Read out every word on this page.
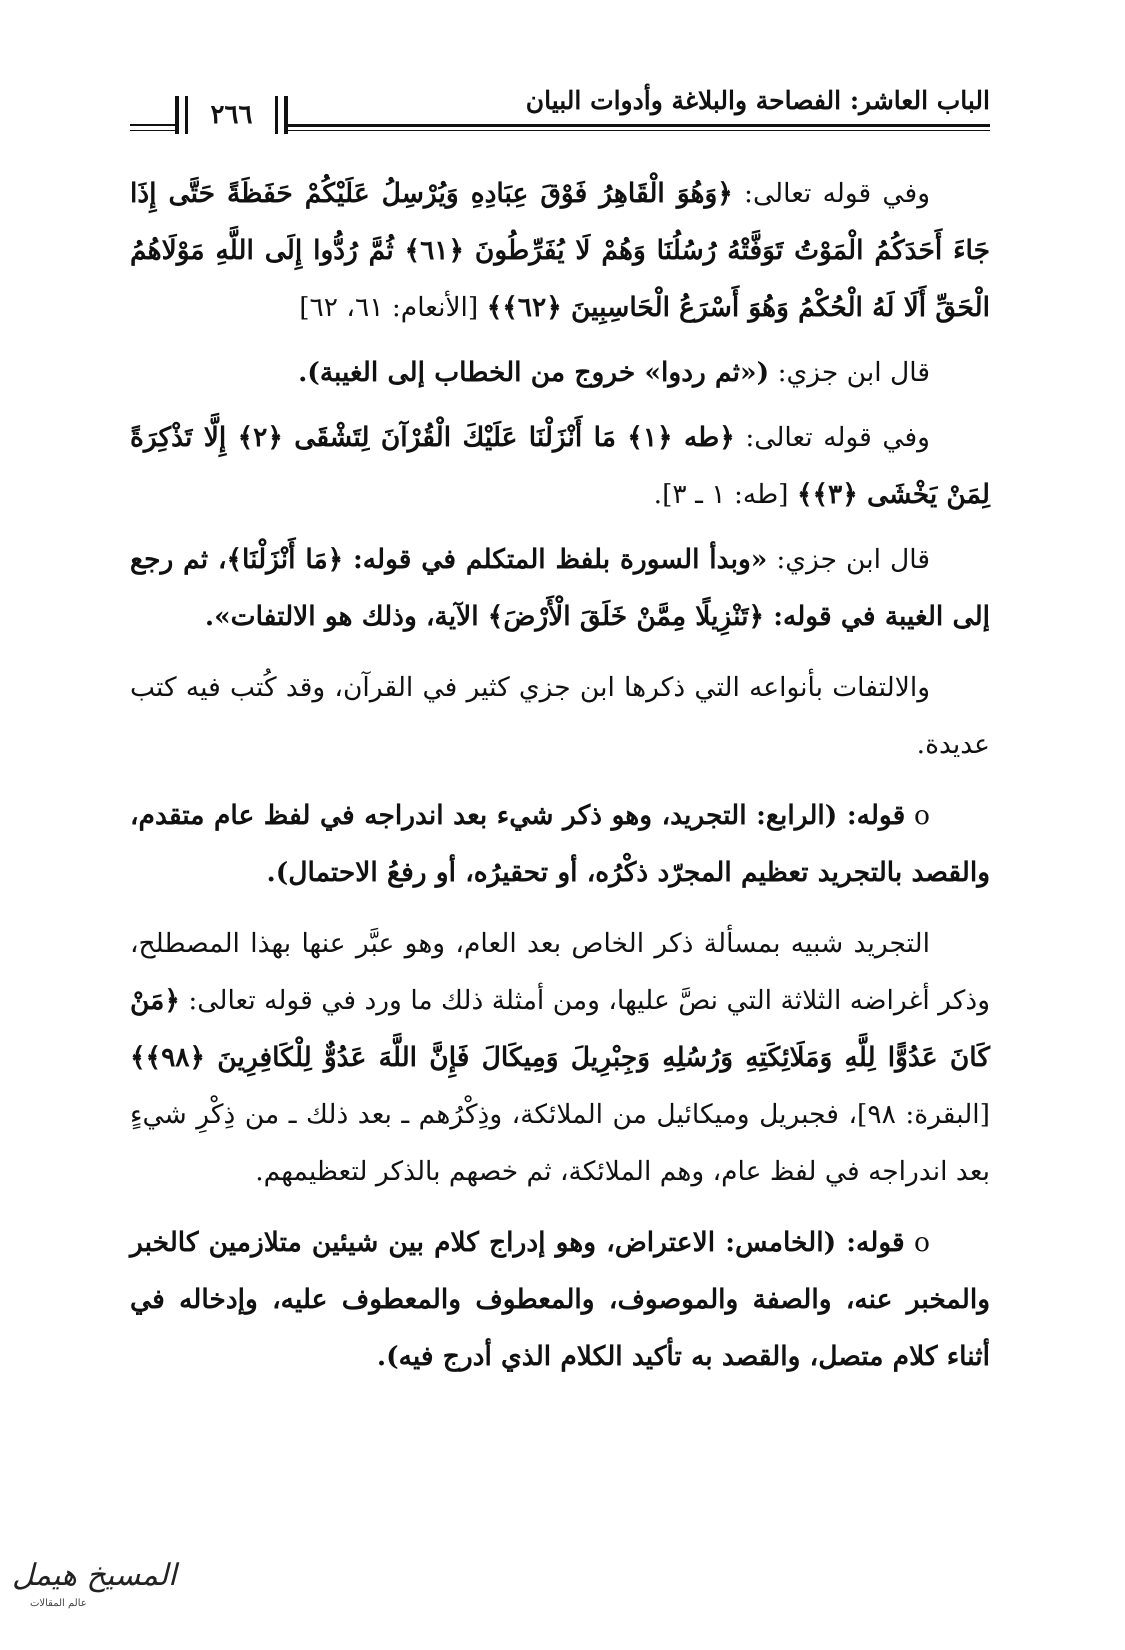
الباب العاشر: الفصاحة والبلاغة وأدوات البيان
٢٦٦

وفي قوله تعالى: ﴿وَهُوَ الْقَاهِرُ فَوْقَ عِبَادِهِ وَيُرْسِلُ عَلَيْكُمْ حَفَظَةً حَتَّى إِذَا جَاءَ أَحَدَكُمُ الْمَوْتُ تَوَفَّتْهُ رُسُلُنَا وَهُمْ لَا يُفَرِّطُونَ ﴿٦١﴾ ثُمَّ رُدُّوا إِلَى اللَّهِ مَوْلَاهُمُ الْحَقِّ أَلَا لَهُ الْحُكْمُ وَهُوَ أَسْرَعُ الْحَاسِبِينَ ﴿٦٢﴾﴾ [الأنعام: ٦١، ٦٢]

قال ابن جزي: («ثم ردوا» خروج من الخطاب إلى الغيبة).

وفي قوله تعالى: ﴿طه ﴿١﴾ مَا أَنْزَلْنَا عَلَيْكَ الْقُرْآنَ لِتَشْقَى ﴿٢﴾ إِلَّا تَذْكِرَةً لِمَنْ يَخْشَى ﴿٣﴾﴾ [طه: ١ ـ ٣].

قال ابن جزي: «وبدأ السورة بلفظ المتكلم في قوله: ﴿مَا أَنْزَلْنَا﴾، ثم رجع إلى الغيبة في قوله: ﴿تَنْزِيلًا مِمَّنْ خَلَقَ الْأَرْضَ﴾ الآية، وذلك هو الالتفات».

والالتفات بأنواعه التي ذكرها ابن جزي كثير في القرآن، وقد كُتب فيه كتب عديدة.

o قوله: (الرابع: التجريد، وهو ذكر شيء بعد اندراجه في لفظ عام متقدم، والقصد بالتجريد تعظيم المجرّد ذكْرُه، أو تحقيرُه، أو رفعُ الاحتمال).

التجريد شبيه بمسألة ذكر الخاص بعد العام، وهو عبَّر عنها بهذا المصطلح، وذكر أغراضه الثلاثة التي نصَّ عليها، ومن أمثلة ذلك ما ورد في قوله تعالى: ﴿مَنْ كَانَ عَدُوًّا لِلَّهِ وَمَلَائِكَتِهِ وَرُسُلِهِ وَجِبْرِيلَ وَمِيكَالَ فَإِنَّ اللَّهَ عَدُوٌّ لِلْكَافِرِينَ ﴿٩٨﴾﴾ [البقرة: ٩٨]، فجبريل وميكائيل من الملائكة، وذِكْرُهم ـ بعد ذلك ـ من ذِكْرِ شيءٍ بعد اندراجه في لفظ عام، وهم الملائكة، ثم خصهم بالذكر لتعظيمهم.

o قوله: (الخامس: الاعتراض، وهو إدراج كلام بين شيئين متلازمين كالخبر والمخبر عنه، والصفة والموصوف، والمعطوف والمعطوف عليه، وإدخاله في أثناء كلام متصل، والقصد به تأكيد الكلام الذي أدرج فيه).

المسيخ هيمل
عالم المقالات
